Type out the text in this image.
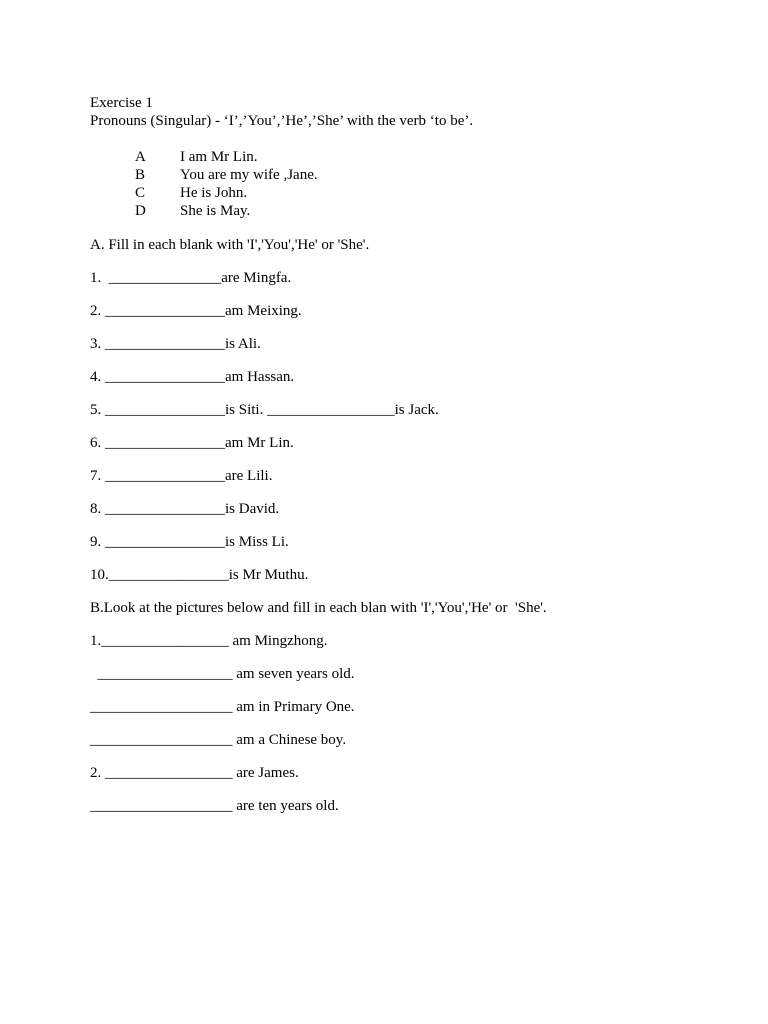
Exercise 1
Pronouns (Singular) - ‘I’,’You’,’He’,’She’ with the verb ‘to be’.
A	I am Mr Lin.
B	You are my wife ,Jane.
C	He is John.
D	She is May.
A. Fill in each blank with 'I','You','He' or 'She'.
1.  _______________are Mingfa.
2. ________________am Meixing.
3. ________________is Ali.
4. ________________am Hassan.
5. ________________is Siti. _________________is Jack.
6. ________________am Mr Lin.
7. ________________are Lili.
8. ________________is David.
9. ________________is Miss Li.
10.________________is Mr Muthu.
B.Look at the pictures below and fill in each blan with 'I','You','He' or  'She'.
1._________________ am Mingzhong.
__________________ am seven years old.
___________________ am in Primary One.
___________________ am a Chinese boy.
2. _________________ are James.
___________________ are ten years old.
